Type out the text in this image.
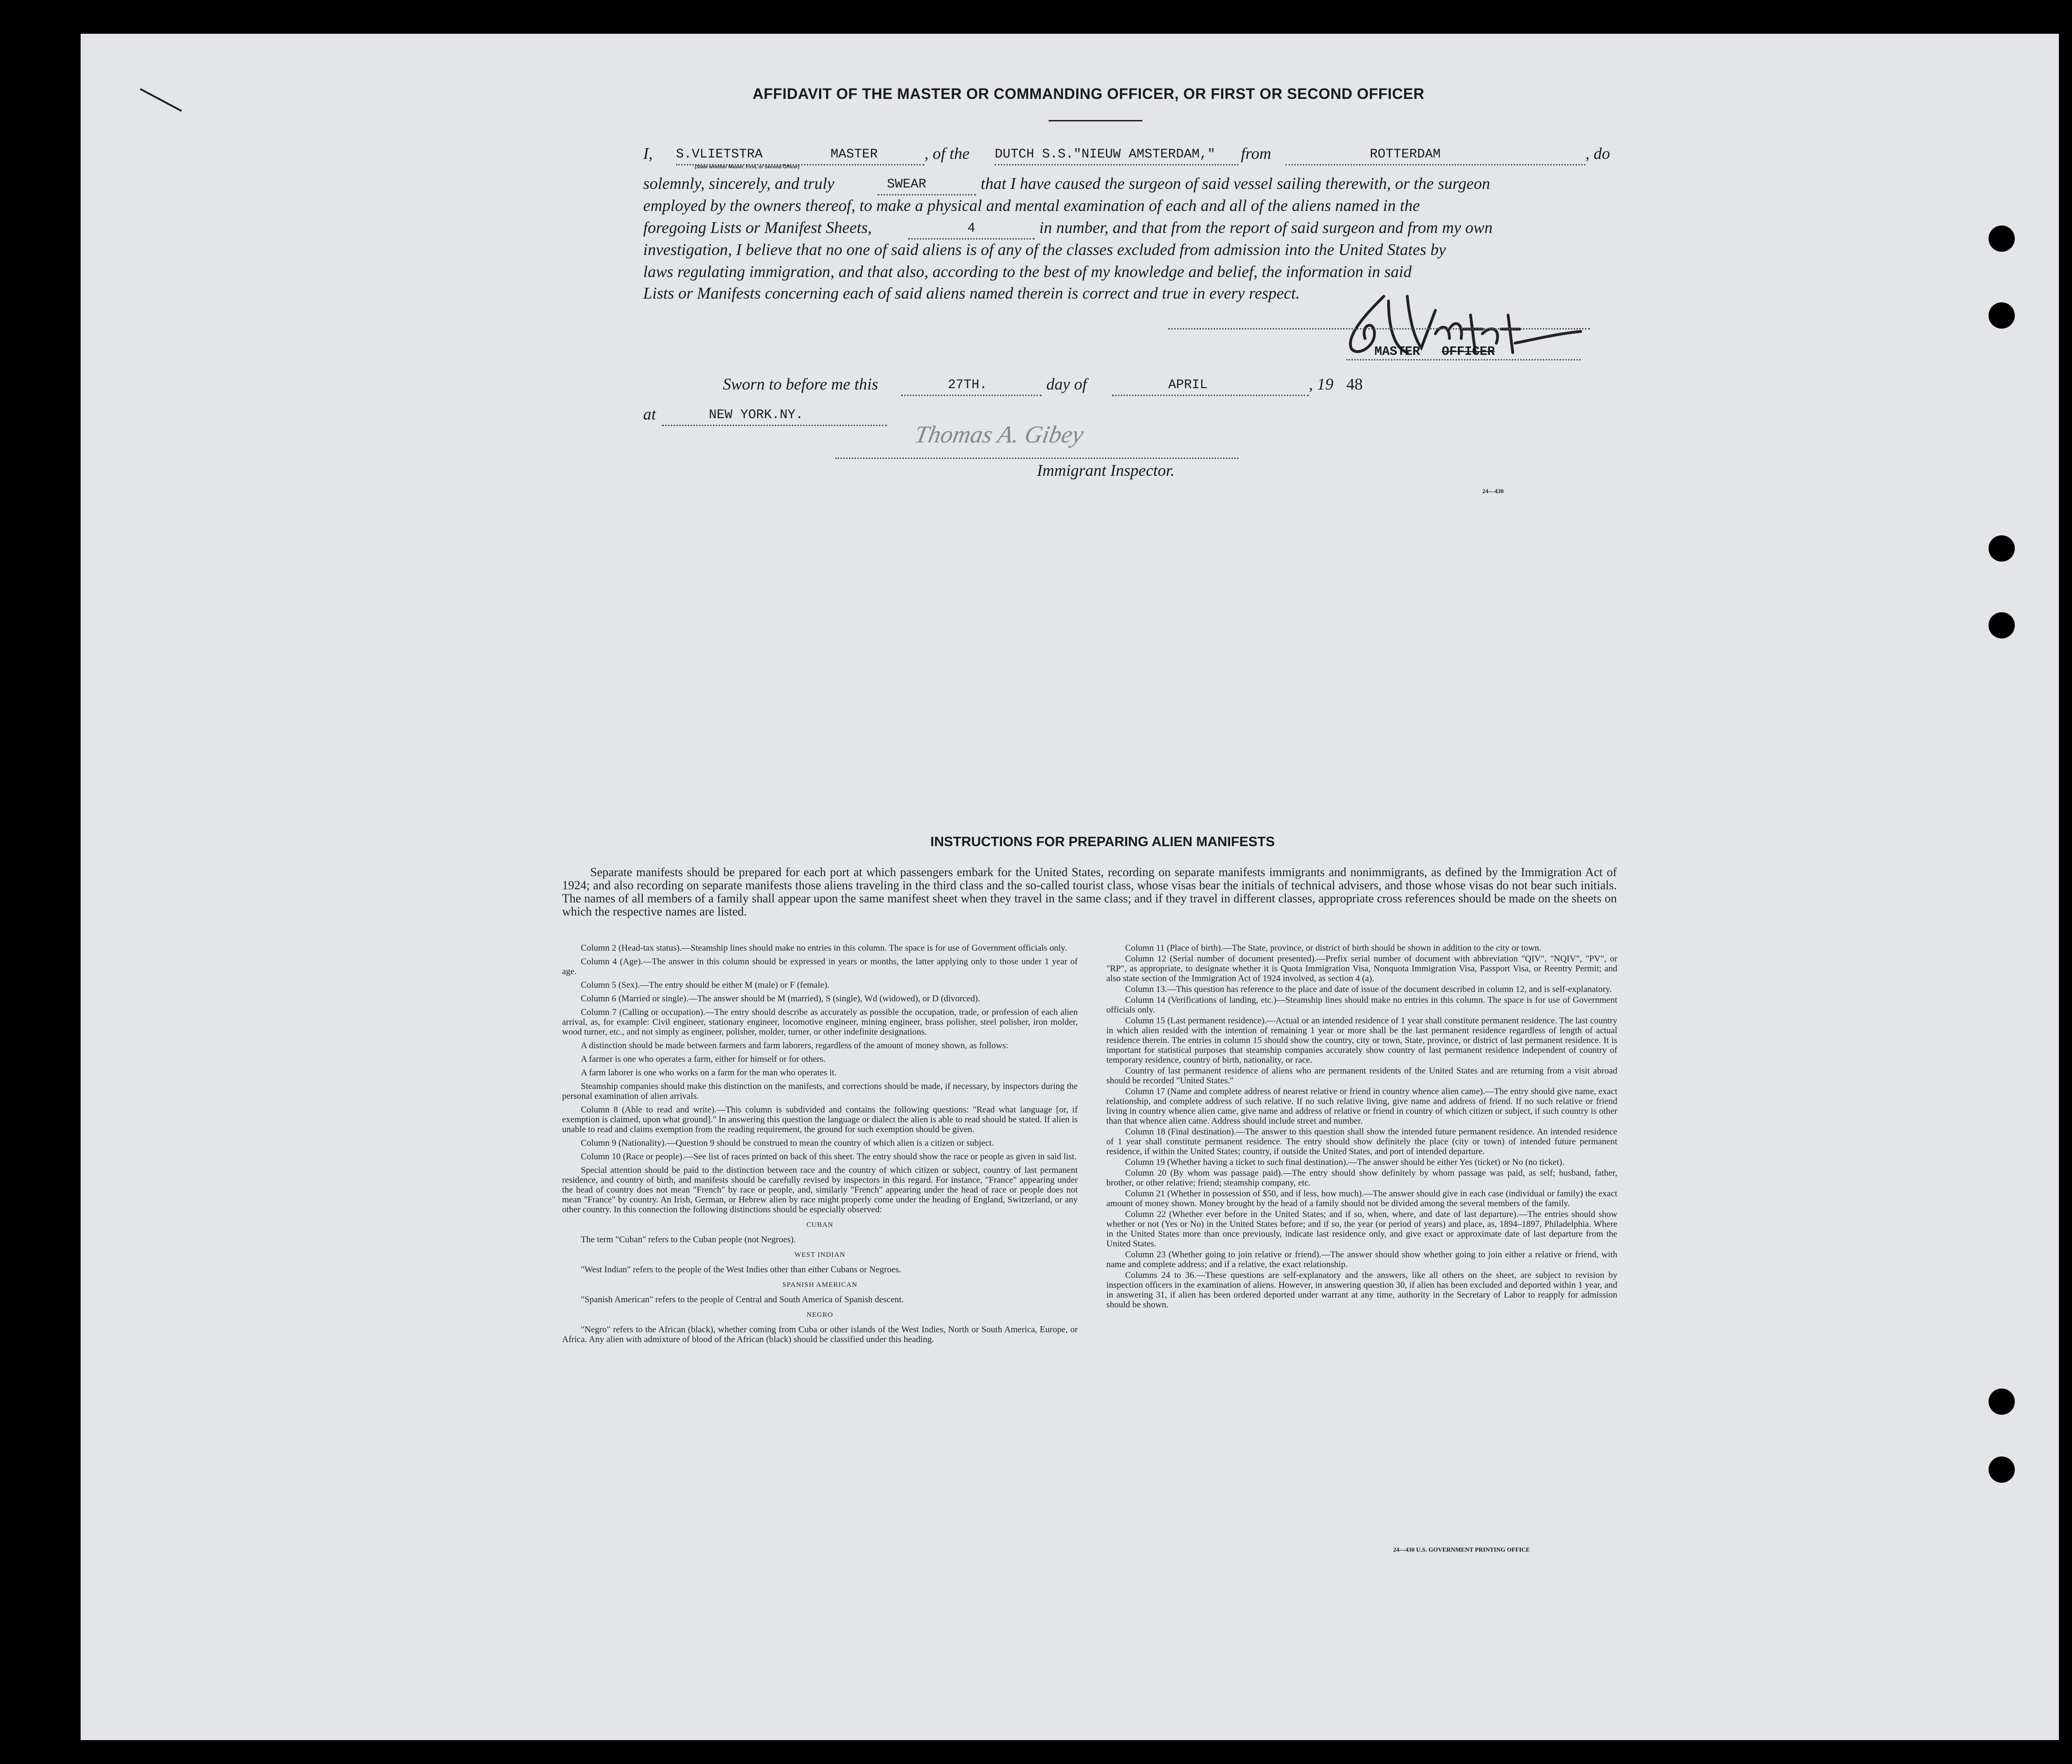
AFFIDAVIT OF THE MASTER OR COMMANDING OFFICER, OR FIRST OR SECOND OFFICER
I, S.VLIETSTRA	MASTER	, of the DUTCH S.S."NIEUW AMSTERDAM,"	from	ROTTERDAM	, do
(State whether Master, First, or Second Officer)
solemnly, sincerely, and truly	SWEAR	that I have caused the surgeon of said vessel sailing therewith, or the surgeon
employed by the owners thereof, to make a physical and mental examination of each and all of the aliens named in the
foregoing Lists or Manifest Sheets,	4	in number, and that from the report of said surgeon and from my own
investigation, I believe that no one of said aliens is of any of the classes excluded from admission into the United States by
laws regulating immigration, and that also, according to the best of my knowledge and belief, the information in said
Lists or Manifests concerning each of said aliens named therein is correct and true in every respect.
MASTER OFFICER
Sworn to before me this	27TH.	day of	APRIL	, 19 48
at	NEW YORK.NY.
Thomas A. Gibey
Immigrant Inspector.
24—430
INSTRUCTIONS FOR PREPARING ALIEN MANIFESTS

Separate manifests should be prepared for each port at which passengers embark for the United States, recording on separate manifests immigrants and nonimmigrants, as defined by the Immigration Act of 1924; and also recording on separate manifests those aliens traveling in the third class and the so-called tourist class, whose visas bear the initials of technical advisers, and those whose visas do not bear such initials. The names of all members of a family shall appear upon the same manifest sheet when they travel in the same class; and if they travel in different classes, appropriate cross references should be made on the sheets on which the respective names are listed.

Column 2 (Head-tax status).—Steamship lines should make no entries in this column. The space is for use of Government officials only.

Column 4 (Age).—The answer in this column should be expressed in years or months, the latter applying only to those under 1 year of age.

Column 5 (Sex).—The entry should be either M (male) or F (female).

Column 6 (Married or single).—The answer should be M (married), S (single), Wd (widowed), or D (divorced).

Column 7 (Calling or occupation).—The entry should describe as accurately as possible the occupation, trade, or profession of each alien arrival, as, for example: Civil engineer, stationary engineer, locomotive engineer, mining engineer, brass polisher, steel polisher, iron molder, wood turner, etc., and not simply as engineer, polisher, molder, turner, or other indefinite designations.

A distinction should be made between farmers and farm laborers, regardless of the amount of money shown, as follows:

A farmer is one who operates a farm, either for himself or for others.

A farm laborer is one who works on a farm for the man who operates it.

Steamship companies should make this distinction on the manifests, and corrections should be made, if necessary, by inspectors during the personal examination of alien arrivals.

Column 8 (Able to read and write).—This column is subdivided and contains the following questions: "Read what language [or, if exemption is claimed, upon what ground]." In answering this question the language or dialect the alien is able to read should be stated. If alien is unable to read and claims exemption from the reading requirement, the ground for such exemption should be given.

Column 9 (Nationality).—Question 9 should be construed to mean the country of which alien is a citizen or subject.

Column 10 (Race or people).—See list of races printed on back of this sheet. The entry should show the race or people as given in said list.

Special attention should be paid to the distinction between race and the country of which citizen or subject, country of last permanent residence, and country of birth, and manifests should be carefully revised by inspectors in this regard. For instance, "France" appearing under the head of country does not mean "French" by race or people, and, similarly "French" appearing under the head of race or people does not mean "France" by country. An Irish, German, or Hebrew alien by race might properly come under the heading of England, Switzerland, or any other country. In this connection the following distinctions should be especially observed:

CUBAN

The term "Cuban" refers to the Cuban people (not Negroes).

WEST INDIAN

"West Indian" refers to the people of the West Indies other than either Cubans or Negroes.

SPANISH AMERICAN

"Spanish American" refers to the people of Central and South America of Spanish descent.

NEGRO

"Negro" refers to the African (black), whether coming from Cuba or other islands of the West Indies, North or South America, Europe, or Africa. Any alien with admixture of blood of the African (black) should be classified under this heading.

Column 11 (Place of birth).—The State, province, or district of birth should be shown in addition to the city or town.

Column 12 (Serial number of document presented).—Prefix serial number of document with abbreviation "QIV", "NQIV", "PV", or "RP", as appropriate, to designate whether it is Quota Immigration Visa, Nonquota Immigration Visa, Passport Visa, or Reentry Permit; and also state section of the Immigration Act of 1924 involved, as section 4 (a).

Column 13.—This question has reference to the place and date of issue of the document described in column 12, and is self-explanatory.

Column 14 (Verifications of landing, etc.)—Steamship lines should make no entries in this column. The space is for use of Government officials only.

Column 15 (Last permanent residence).—Actual or an intended residence of 1 year shall constitute permanent residence. The last country in which alien resided with the intention of remaining 1 year or more shall be the last permanent residence regardless of length of actual residence therein. The entries in column 15 should show the country, city or town, State, province, or district of last permanent residence. It is important for statistical purposes that steamship companies accurately show country of last permanent residence independent of country of temporary residence, country of birth, nationality, or race.

Country of last permanent residence of aliens who are permanent residents of the United States and are returning from a visit abroad should be recorded "United States."

Column 17 (Name and complete address of nearest relative or friend in country whence alien came).—The entry should give name, exact relationship, and complete address of such relative. If no such relative living, give name and address of friend. If no such relative or friend living in country whence alien came, give name and address of relative or friend in country of which citizen or subject, if such country is other than that whence alien came. Address should include street and number.

Column 18 (Final destination).—The answer to this question shall show the intended future permanent residence. An intended residence of 1 year shall constitute permanent residence. The entry should show definitely the place (city or town) of intended future permanent residence, if within the United States; country, if outside the United States, and port of intended departure.

Column 19 (Whether having a ticket to such final destination).—The answer should be either Yes (ticket) or No (no ticket).

Column 20 (By whom was passage paid).—The entry should show definitely by whom passage was paid, as self; husband, father, brother, or other relative; friend; steamship company, etc.

Column 21 (Whether in possession of $50, and if less, how much).—The answer should give in each case (individual or family) the exact amount of money shown. Money brought by the head of a family should not be divided among the several members of the family.

Column 22 (Whether ever before in the United States; and if so, when, where, and date of last departure).—The entries should show whether or not (Yes or No) in the United States before; and if so, the year (or period of years) and place, as, 1894–1897, Philadelphia. Where in the United States more than once previously, indicate last residence only, and give exact or approximate date of last departure from the United States.

Column 23 (Whether going to join relative or friend).—The answer should show whether going to join either a relative or friend, with name and complete address; and if a relative, the exact relationship.

Columns 24 to 36.—These questions are self-explanatory and the answers, like all others on the sheet, are subject to revision by inspection officers in the examination of aliens. However, in answering question 30, if alien has been excluded and deported within 1 year, and in answering 31, if alien has been ordered deported under warrant at any time, authority in the Secretary of Labor to reapply for admission should be shown.

24—430 U.S. GOVERNMENT PRINTING OFFICE
